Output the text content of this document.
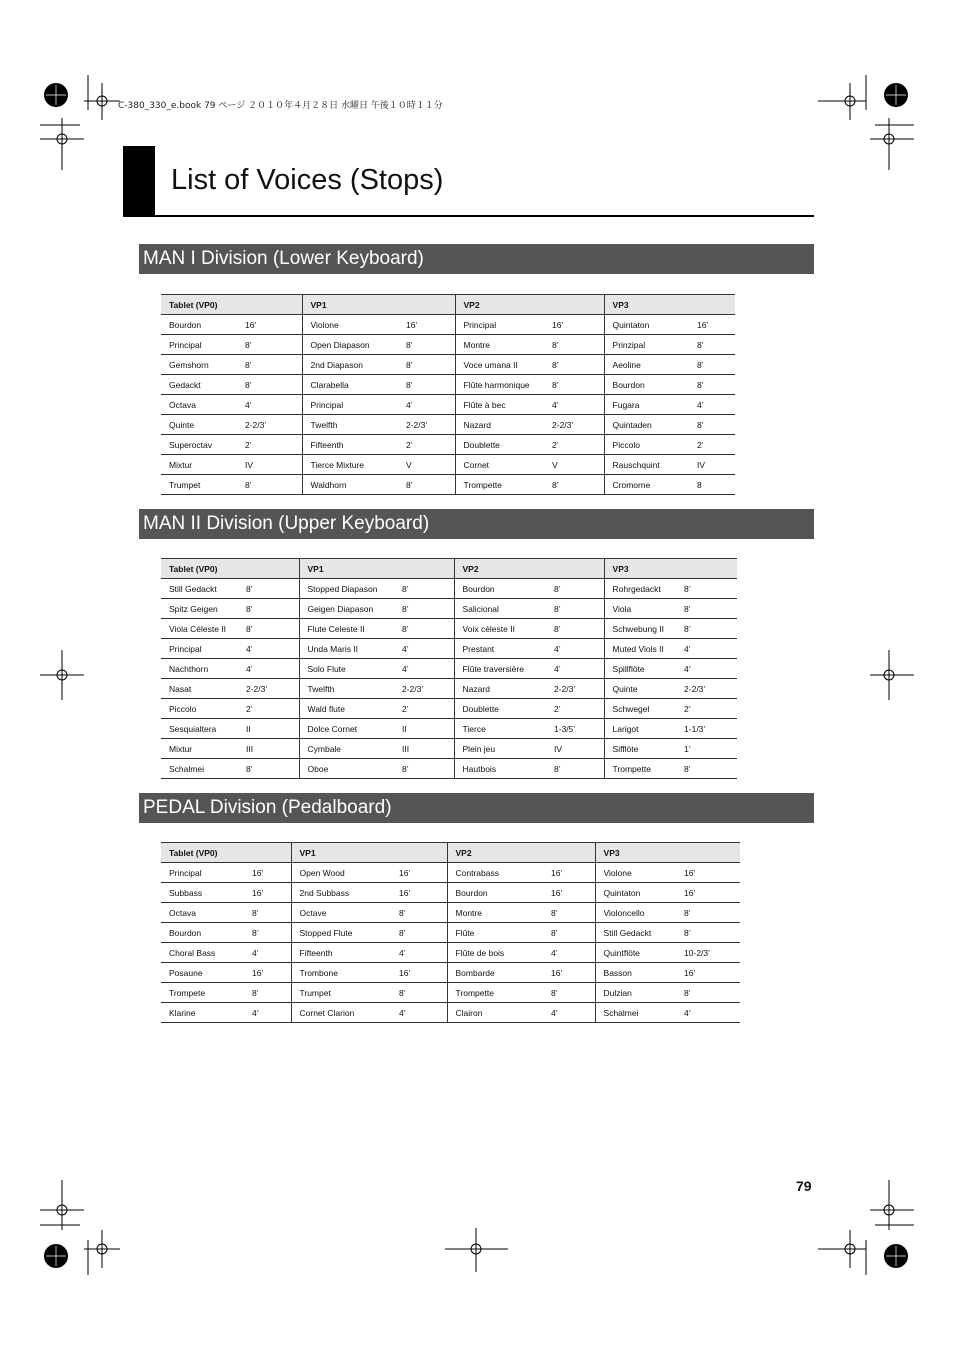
C-380_330_e.book 79 ページ ２０１０年４月２８日 水曜日 午後１０時１１分
List of Voices (Stops)
MAN I Division (Lower Keyboard)
Tablet (VP0)		VP1		VP2		VP3	
Bourdon	16’	Violone	16’	Principal	16’	Quintaton	16’
Principal	8’	Open Diapason	8’	Montre	8’	Prinzipal	8’
Gemshorn	8’	2nd Diapason	8’	Voce umana II	8’	Aeoline	8’
Gedackt	8’	Clarabella	8’	Flûte harmonique	8’	Bourdon	8’
Octava	4’	Principal	4’	Flûte à bec	4’	Fugara	4’
Quinte	2-2/3’	Twelfth	2-2/3’	Nazard	2-2/3’	Quintaden	8’
Superoctav	2’	Fifteenth	2’	Doublette	2’	Piccolo	2’
Mixtur	IV	Tierce Mixture	V	Cornet	V	Rauschquint	IV
Trumpet	8’	Waldhorn	8’	Trompette	8’	Cromorne	8
MAN II Division (Upper Keyboard)
Tablet (VP0)		VP1		VP2		VP3	
Still Gedackt	8’	Stopped Diapason	8’	Bourdon	8’	Rohrgedackt	8’
Spitz Geigen	8’	Geigen Diapason	8’	Salicional	8’	Viola	8’
Viola Céleste II	8’	Flute Celeste II	8’	Voix cèleste II	8’	Schwebung II	8’
Principal	4’	Unda Maris II	4’	Prestant	4’	Muted Viols II	4’
Nachthorn	4’	Solo Flute	4’	Flûte traversière	4’	Spillflöte	4’
Nasat	2-2/3’	Twelfth	2-2/3’	Nazard	2-2/3’	Quinte	2-2/3’
Piccolo	2’	Wald flute	2’	Doublette	2’	Schwegel	2’
Sesquialtera	II	Dolce Cornet	II	Tierce	1-3/5’	Larigot	1-1/3’
Mixtur	III	Cymbale	III	Plein jeu	IV	Sifflöte	1’
Schalmei	8’	Oboe	8’	Hautbois	8’	Trompette	8’
PEDAL Division (Pedalboard)
Tablet (VP0)		VP1		VP2		VP3	
Principal	16’	Open Wood	16’	Contrabass	16’	Violone	16’
Subbass	16’	2nd Subbass	16’	Bourdon	16’	Quintaton	16’
Octava	8’	Octave	8’	Montre	8’	Violoncello	8’
Bourdon	8’	Stopped Flute	8’	Flûte	8’	Still Gedackt	8’
Choral Bass	4’	Fifteenth	4’	Flûte de bois	4’	Quintflöte	10-2/3’
Posaune	16’	Trombone	16’	Bombarde	16’	Basson	16’
Trompete	8’	Trumpet	8’	Trompette	8’	Dulzian	8’
Klarine	4’	Cornet Clarion	4’	Clairon	4’	Schalmei	4’
79
